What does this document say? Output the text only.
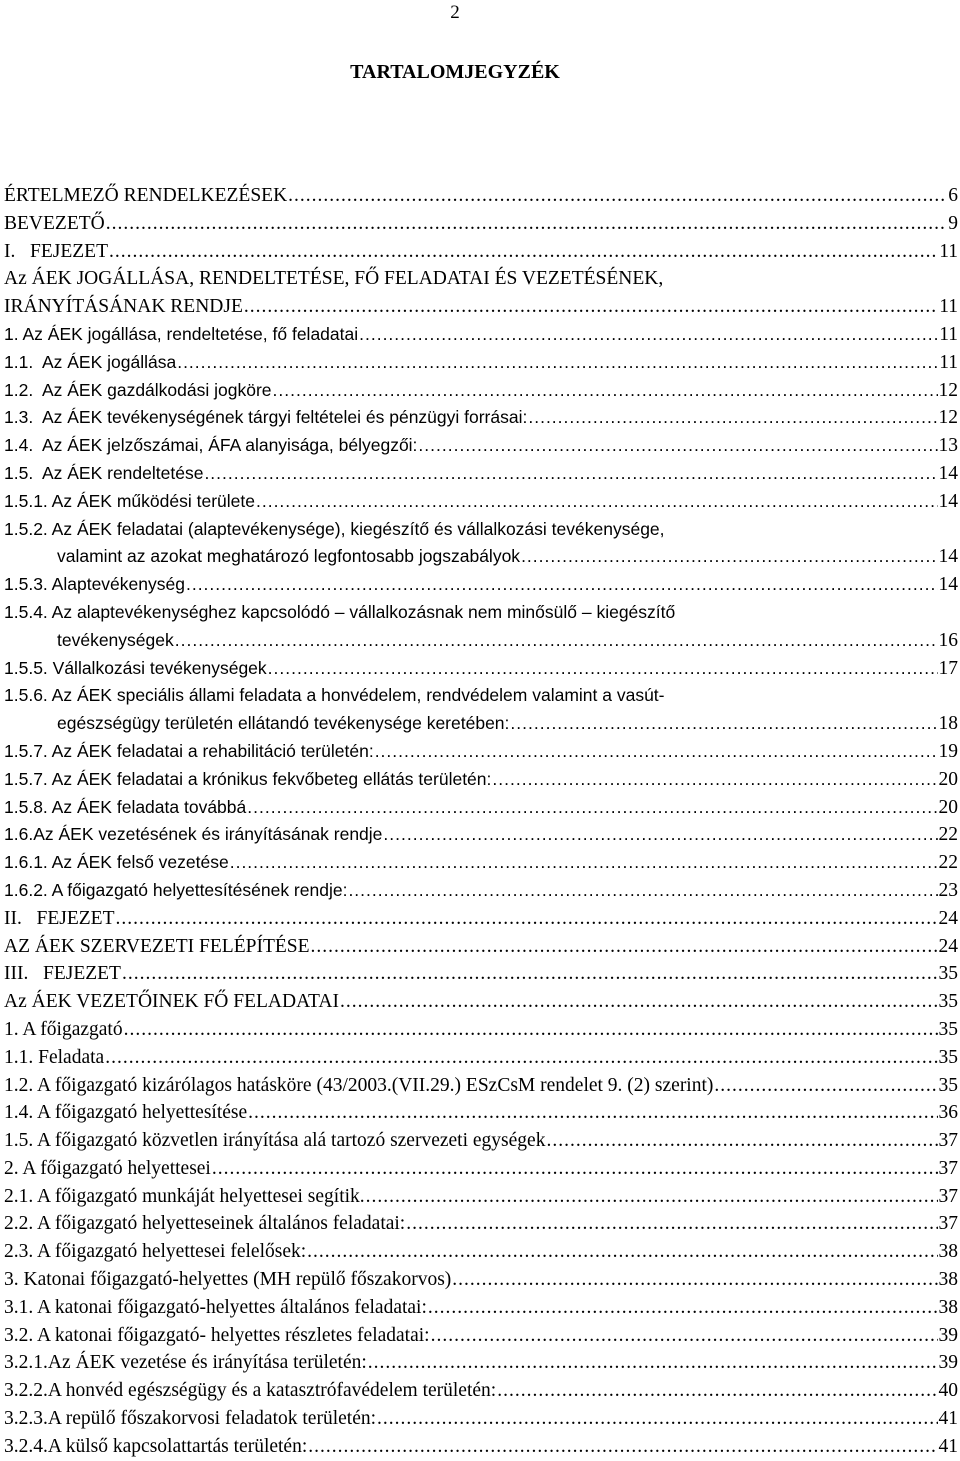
2
TARTALOMJEGYZÉK
ÉRTELMEZŐ RENDELKEZÉSEK .....	6
BEVEZETŐ .....	9
I.   FEJEZET .....	11
Az ÁEK JOGÁLLÁSA, RENDELTETÉSE, FŐ FELADATAI ÉS VEZETÉSÉNEK,
IRÁNYÍTÁSÁNAK RENDJE .....	11
1. Az ÁEK jogállása, rendeltetése, fő feladatai .....	11
1.1.  Az ÁEK jogállása .....	11
1.2.  Az ÁEK gazdálkodási jogköre .....	12
1.3.  Az ÁEK tevékenységének tárgyi feltételei és pénzügyi forrásai: .....	12
1.4.  Az ÁEK jelzőszámai, ÁFA alanyisága, bélyegzői: .....	13
1.5.  Az ÁEK rendeltetése .....	14
1.5.1. Az ÁEK működési területe .....	14
1.5.2. Az ÁEK feladatai (alaptevékenysége), kiegészítő és vállalkozási tevékenysége,
valamint az azokat meghatározó legfontosabb jogszabályok .....	14
1.5.3. Alaptevékenység .....	14
1.5.4. Az alaptevékenységhez kapcsolódó – vállalkozásnak nem minősülő – kiegészítő
tevékenységek .....	16
1.5.5. Vállalkozási tevékenységek .....	17
1.5.6. Az ÁEK speciális állami feladata a honvédelem, rendvédelem valamint a vasút-
egészségügy területén ellátandó tevékenysége keretében: .....	18
1.5.7. Az ÁEK feladatai a rehabilitáció területén: .....	19
1.5.7. Az ÁEK feladatai a krónikus fekvőbeteg ellátás területén: .....	20
1.5.8. Az ÁEK feladata továbbá .....	20
1.6.Az ÁEK vezetésének és irányításának rendje .....	22
1.6.1. Az ÁEK felső vezetése .....	22
1.6.2. A főigazgató helyettesítésének rendje: .....	23
II.   FEJEZET .....	24
AZ ÁEK SZERVEZETI FELÉPÍTÉSE .....	24
III.   FEJEZET .....	35
Az ÁEK VEZETŐINEK FŐ FELADATAI .....	35
1. A főigazgató .....	35
1.1. Feladata .....	35
1.2. A főigazgató kizárólagos hatásköre (43/2003.(VII.29.) ESzCsM rendelet 9. (2) szerint) .....	35
1.4. A főigazgató helyettesítése .....	36
1.5. A főigazgató közvetlen irányítása alá tartozó szervezeti egységek .....	37
2. A főigazgató helyettesei .....	37
2.1. A főigazgató munkáját helyettesei segítik. .....	37
2.2. A főigazgató helyetteseinek általános feladatai: .....	37
2.3. A főigazgató helyettesei felelősek: .....	38
3. Katonai főigazgató-helyettes (MH repülő főszakorvos) .....	38
3.1. A katonai főigazgató-helyettes általános feladatai: .....	38
3.2. A katonai főigazgató- helyettes részletes feladatai: .....	39
3.2.1. Az ÁEK vezetése és irányítása területén: .....	39
3.2.2. A honvéd egészségügy és a katasztrófavédelem területén: .....	40
3.2.3. A repülő főszakorvosi feladatok területén: .....	41
3.2.4. A külső kapcsolattartás területén: .....	41
